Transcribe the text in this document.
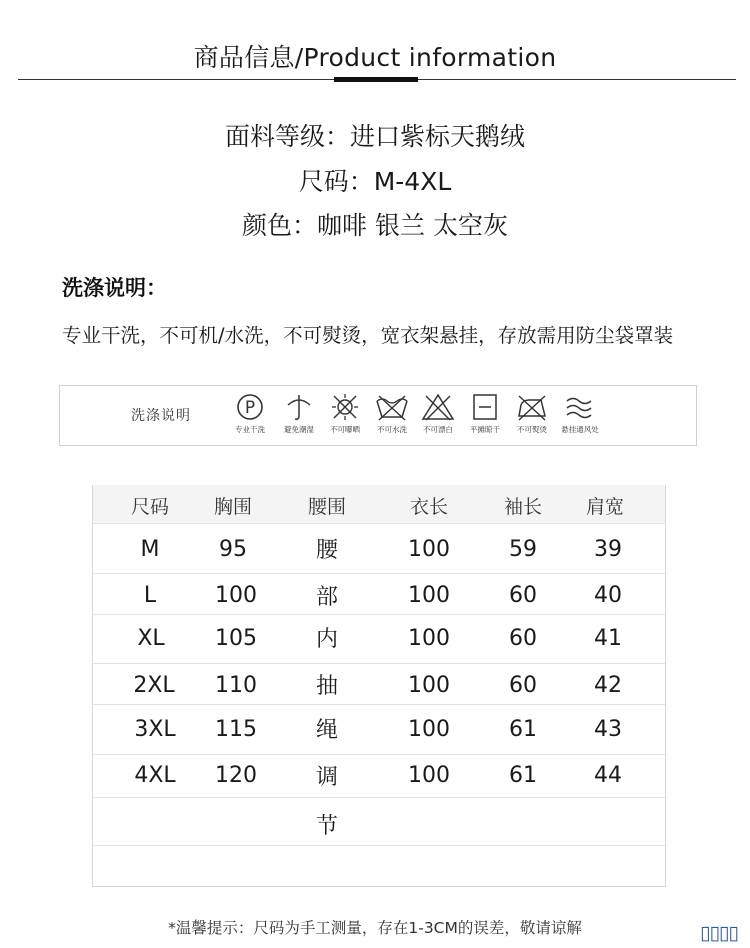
商品信息/Product information
面料等级：进口紫标天鹅绒
尺码：M-4XL
颜色：咖啡 银兰 太空灰
洗涤说明：
专业干洗，不可机/水洗，不可熨烫，宽衣架悬挂，存放需用防尘袋罩装
洗涤说明	P
专业干洗	避免潮湿	不可曝晒	不可水洗	不可漂白	平摊晾干	不可熨烫	悬挂通风处
尺码 胸围	腰围	衣长	袖长 肩宽
M	95	腰	100	59	39
L	100	部	100	60	40
XL 105	内	100	60	41
2XL 110	抽	100	60	42
3XL 115	绳	100	61	43
4XL 120	调	100	61	44
节
*温馨提示：尺码为手工测量，存在1-3CM的误差，敬请谅解	▯▯▯▯
